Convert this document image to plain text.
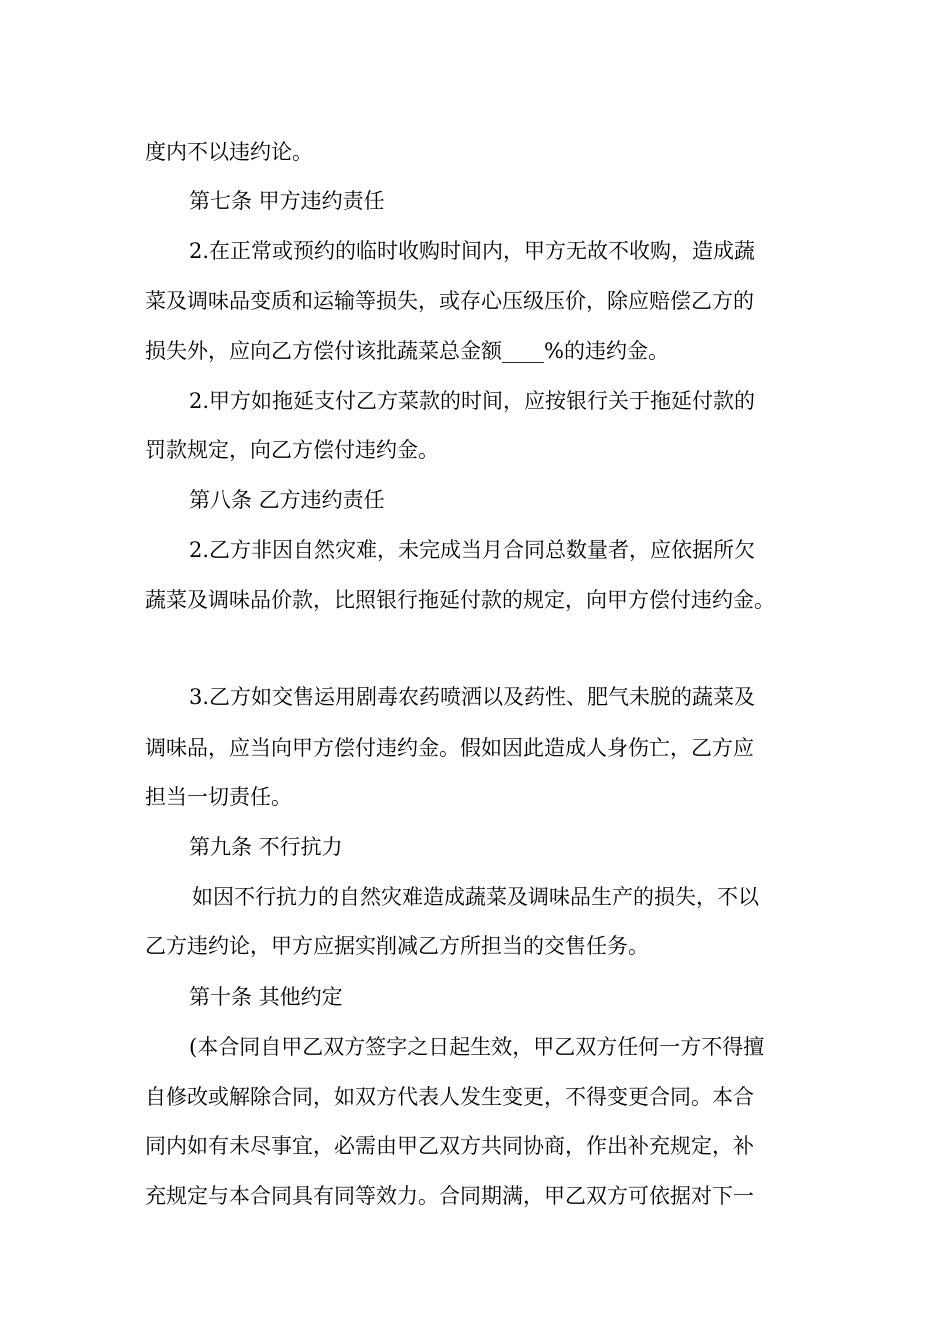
度内不以违约论。
第七条 甲方违约责任
2.在正常或预约的临时收购时间内，甲方无故不收购，造成蔬
菜及调味品变质和运输等损失，或存心压级压价，除应赔偿乙方的
损失外，应向乙方偿付该批蔬菜总金额____%的违约金。
2.甲方如拖延支付乙方菜款的时间，应按银行关于拖延付款的
罚款规定，向乙方偿付违约金。
第八条 乙方违约责任
2.乙方非因自然灾难，未完成当月合同总数量者，应依据所欠
蔬菜及调味品价款，比照银行拖延付款的规定，向甲方偿付违约金。
3.乙方如交售运用剧毒农药喷洒以及药性、肥气未脱的蔬菜及
调味品，应当向甲方偿付违约金。假如因此造成人身伤亡，乙方应
担当一切责任。
第九条 不行抗力
如因不行抗力的自然灾难造成蔬菜及调味品生产的损失，不以
乙方违约论，甲方应据实削减乙方所担当的交售任务。
第十条 其他约定
(本合同自甲乙双方签字之日起生效，甲乙双方任何一方不得擅
自修改或解除合同，如双方代表人发生变更，不得变更合同。本合
同内如有未尽事宜，必需由甲乙双方共同协商，作出补充规定，补
充规定与本合同具有同等效力。合同期满，甲乙双方可依据对下一
